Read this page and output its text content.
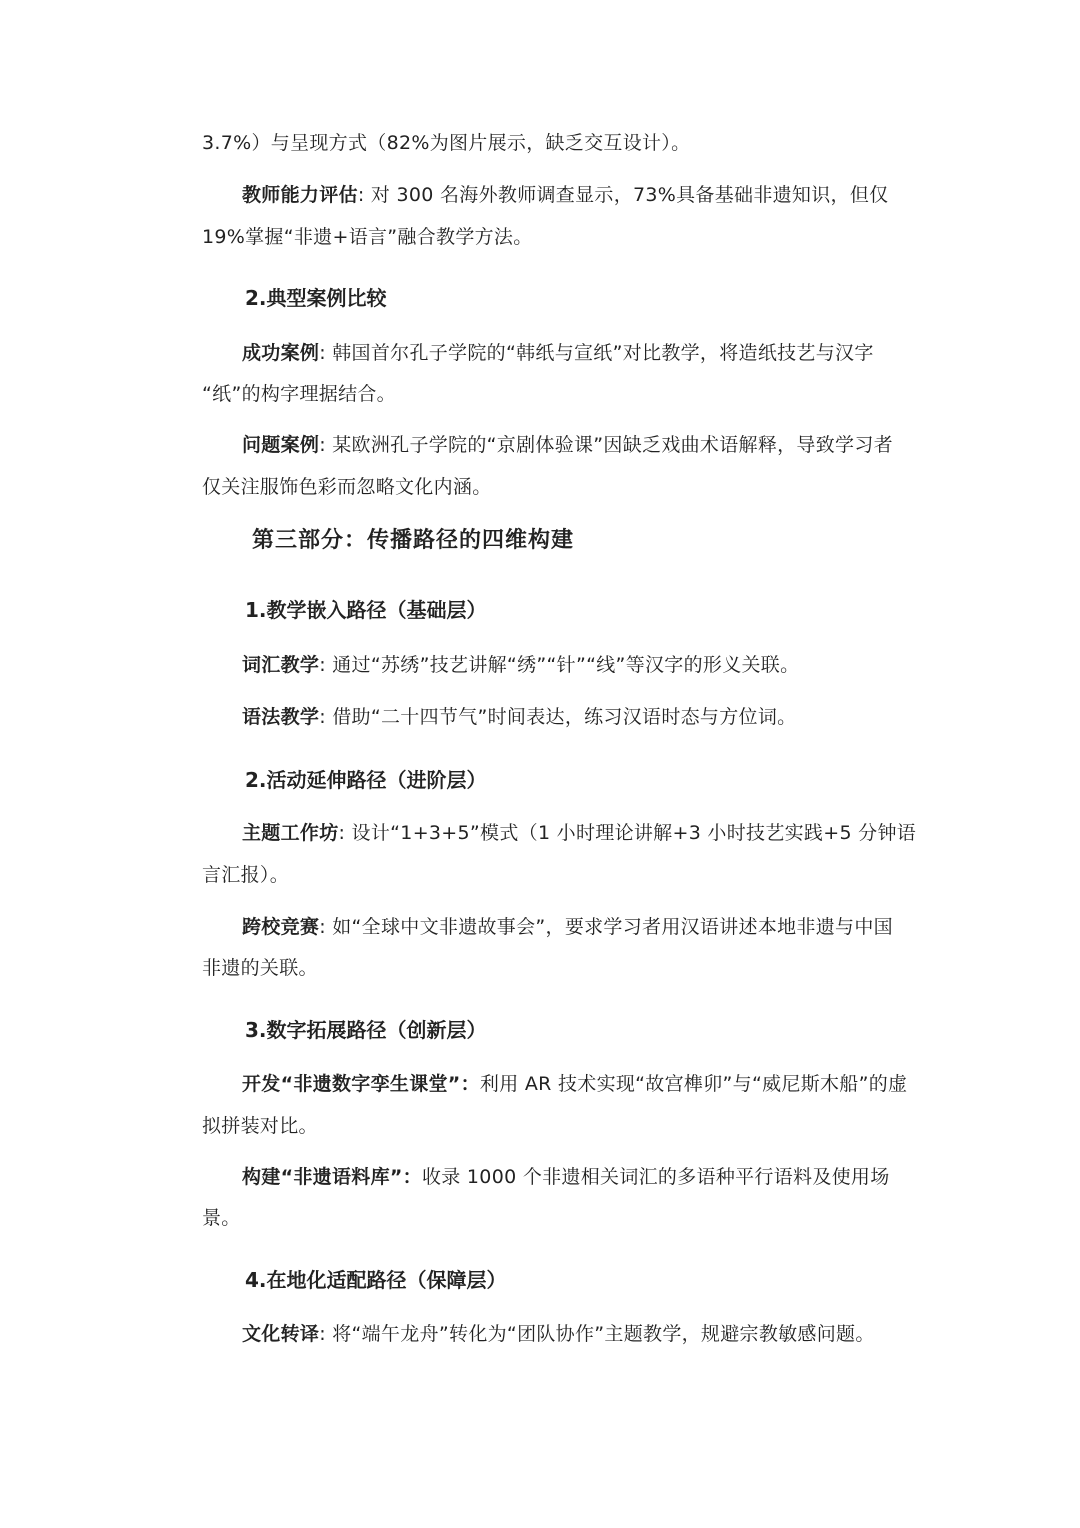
3.7%）与呈现方式（82%为图片展示，缺乏交互设计）。
教师能力评估: 对 300 名海外教师调查显示，73%具备基础非遗知识，但仅
19%掌握“非遗+语言”融合教学方法。
2.典型案例比较
成功案例: 韩国首尔孔子学院的“韩纸与宣纸”对比教学，将造纸技艺与汉字
“纸”的构字理据结合。
问题案例: 某欧洲孔子学院的“京剧体验课”因缺乏戏曲术语解释，导致学习者
仅关注服饰色彩而忽略文化内涵。
第三部分：传播路径的四维构建
1.教学嵌入路径（基础层）
词汇教学: 通过“苏绣”技艺讲解“绣”“针”“线”等汉字的形义关联。
语法教学: 借助“二十四节气”时间表达，练习汉语时态与方位词。
2.活动延伸路径（进阶层）
主题工作坊: 设计“1+3+5”模式（1 小时理论讲解+3 小时技艺实践+5 分钟语
言汇报）。
跨校竞赛: 如“全球中文非遗故事会”，要求学习者用汉语讲述本地非遗与中国
非遗的关联。
3.数字拓展路径（创新层）
开发“非遗数字孪生课堂”：利用 AR 技术实现“故宫榫卯”与“威尼斯木船”的虚
拟拼装对比。
构建“非遗语料库”：收录 1000 个非遗相关词汇的多语种平行语料及使用场
景。
4.在地化适配路径（保障层）
文化转译: 将“端午龙舟”转化为“团队协作”主题教学，规避宗教敏感问题。
